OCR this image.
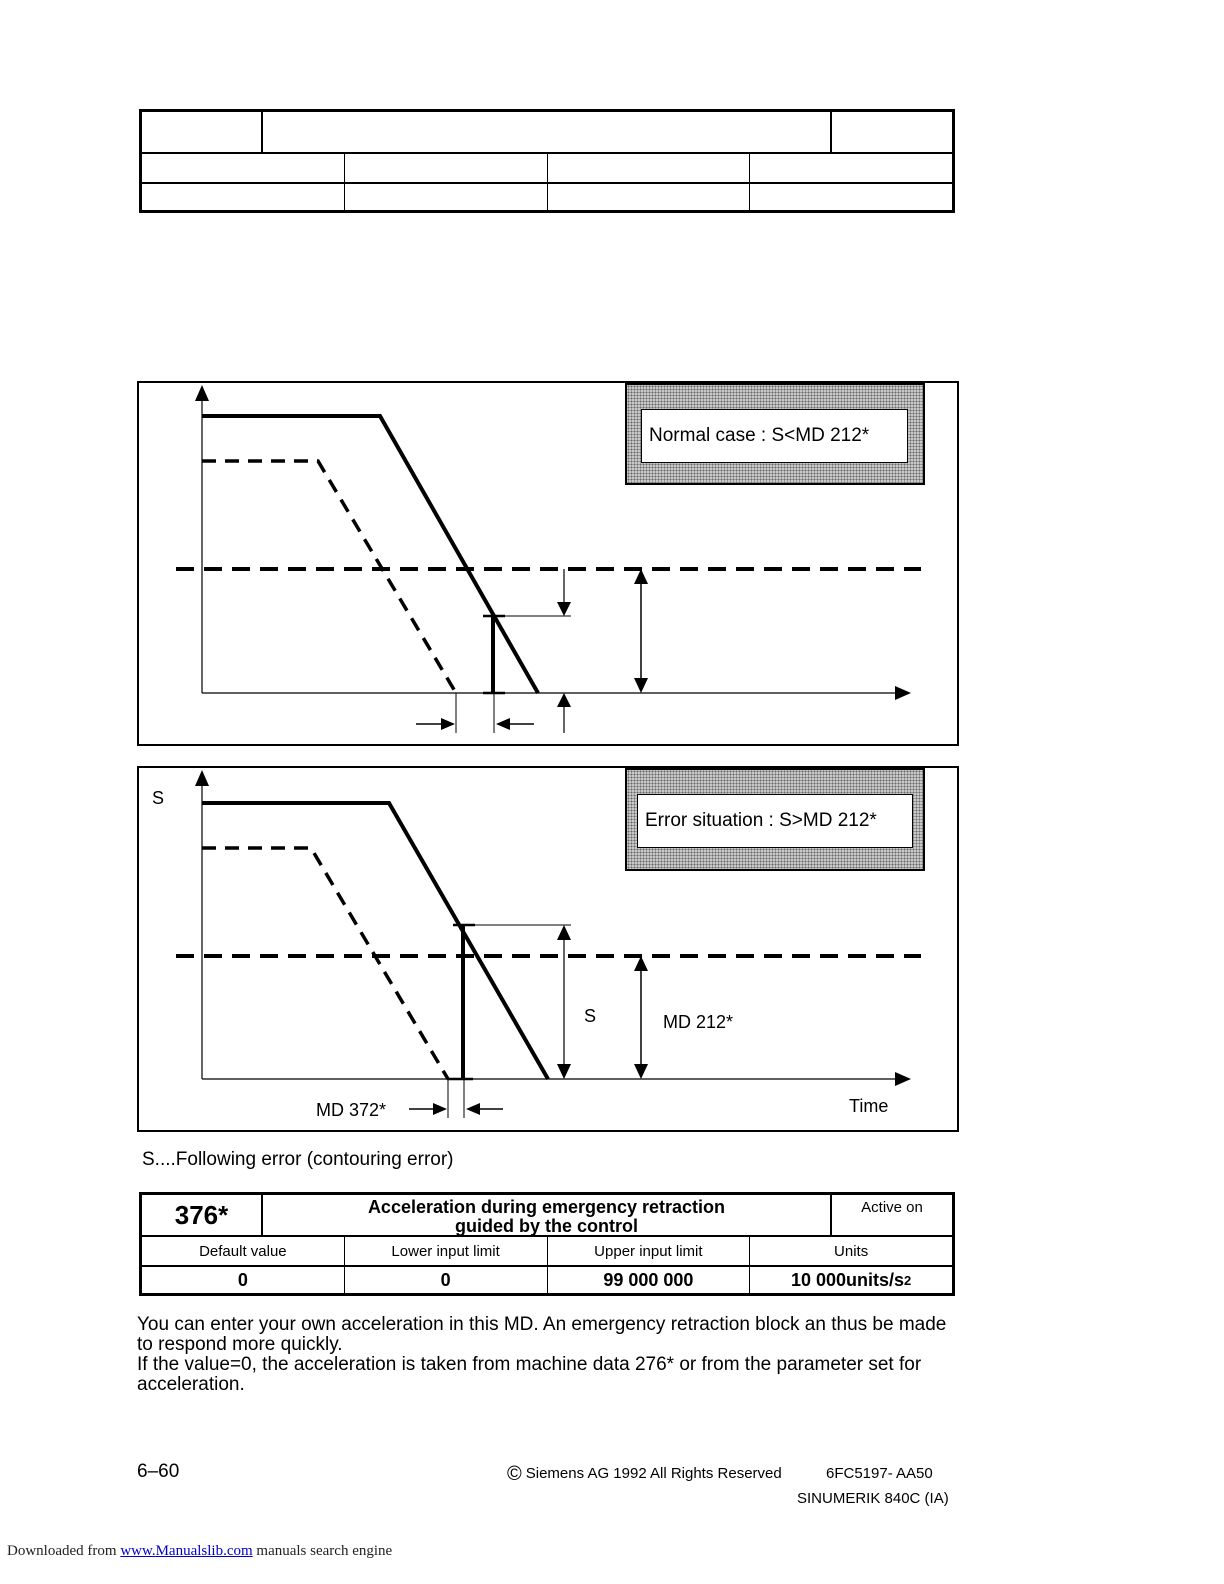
Normal case : S<MD 212*
Error situation : S>MD 212*
S
S	MD 212*
MD 372*	Time
S....Following error (contouring error)
376*	Acceleration during emergency retraction
guided by the control
Active on
Default value	Lower input limit	Upper input limit	Units
0	0	99 000 000	10 000units/s 2

You can enter your own acceleration in this MD. An emergency retraction block an thus be made to respond more quickly.

If the value=0, the acceleration is taken from machine data 276* or from the parameter set for acceleration.

6–60	© Siemens AG 1992 All Rights Reserved	6FC5197- AA50
SINUMERIK 840C (IA)
Downloaded from www.Manualslib.com manuals search engine
